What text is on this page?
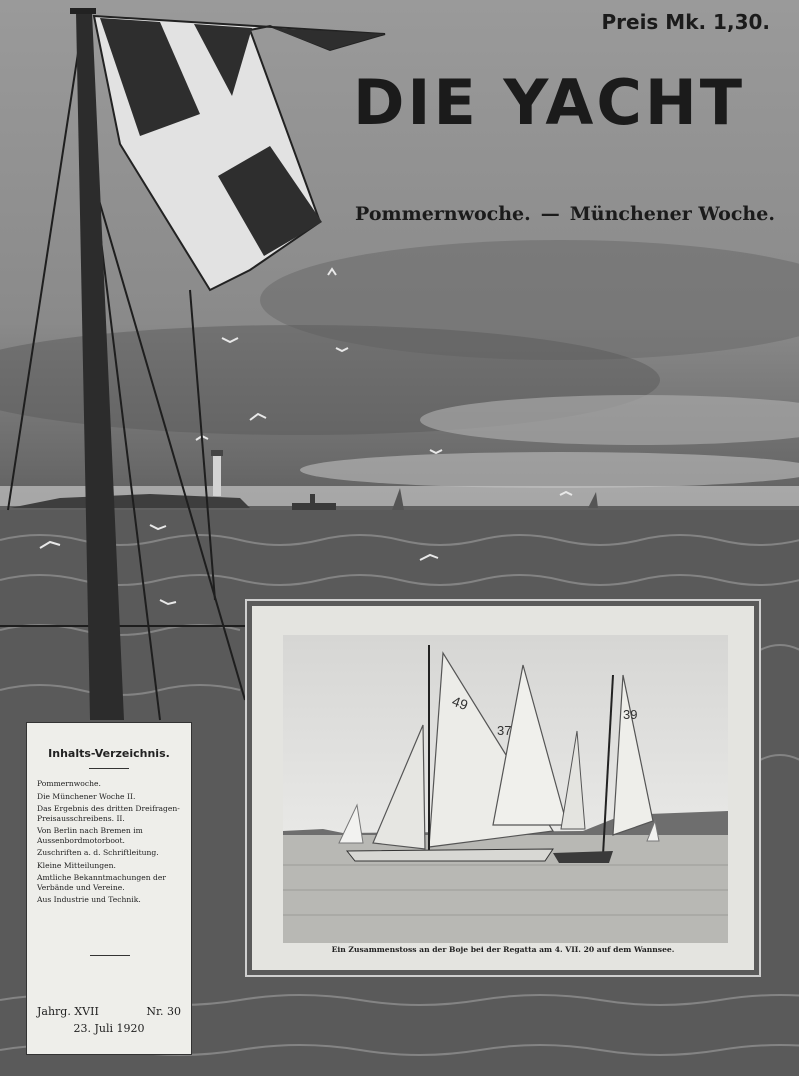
Preis Mk. 1,30.
DIE YACHT
Pommernwoche. — Münchener Woche.
Inhalts-Verzeichnis.
Pommernwoche.
Die Münchener Woche II.
Das Ergebnis des dritten Dreifragen-Preisausschreibens. II.
Von Berlin nach Bremen im Aussenbordmotorboot.
Zuschriften a. d. Schriftleitung.
Kleine Mitteilungen.
Amtliche Bekanntmachungen der Verbände und Vereine.
Aus Industrie und Technik.
Jahrg. XVII	Nr. 30
23. Juli 1920
49
37
39
Ein Zusammenstoss an der Boje bei der Regatta am 4. VII. 20 auf dem Wannsee.
